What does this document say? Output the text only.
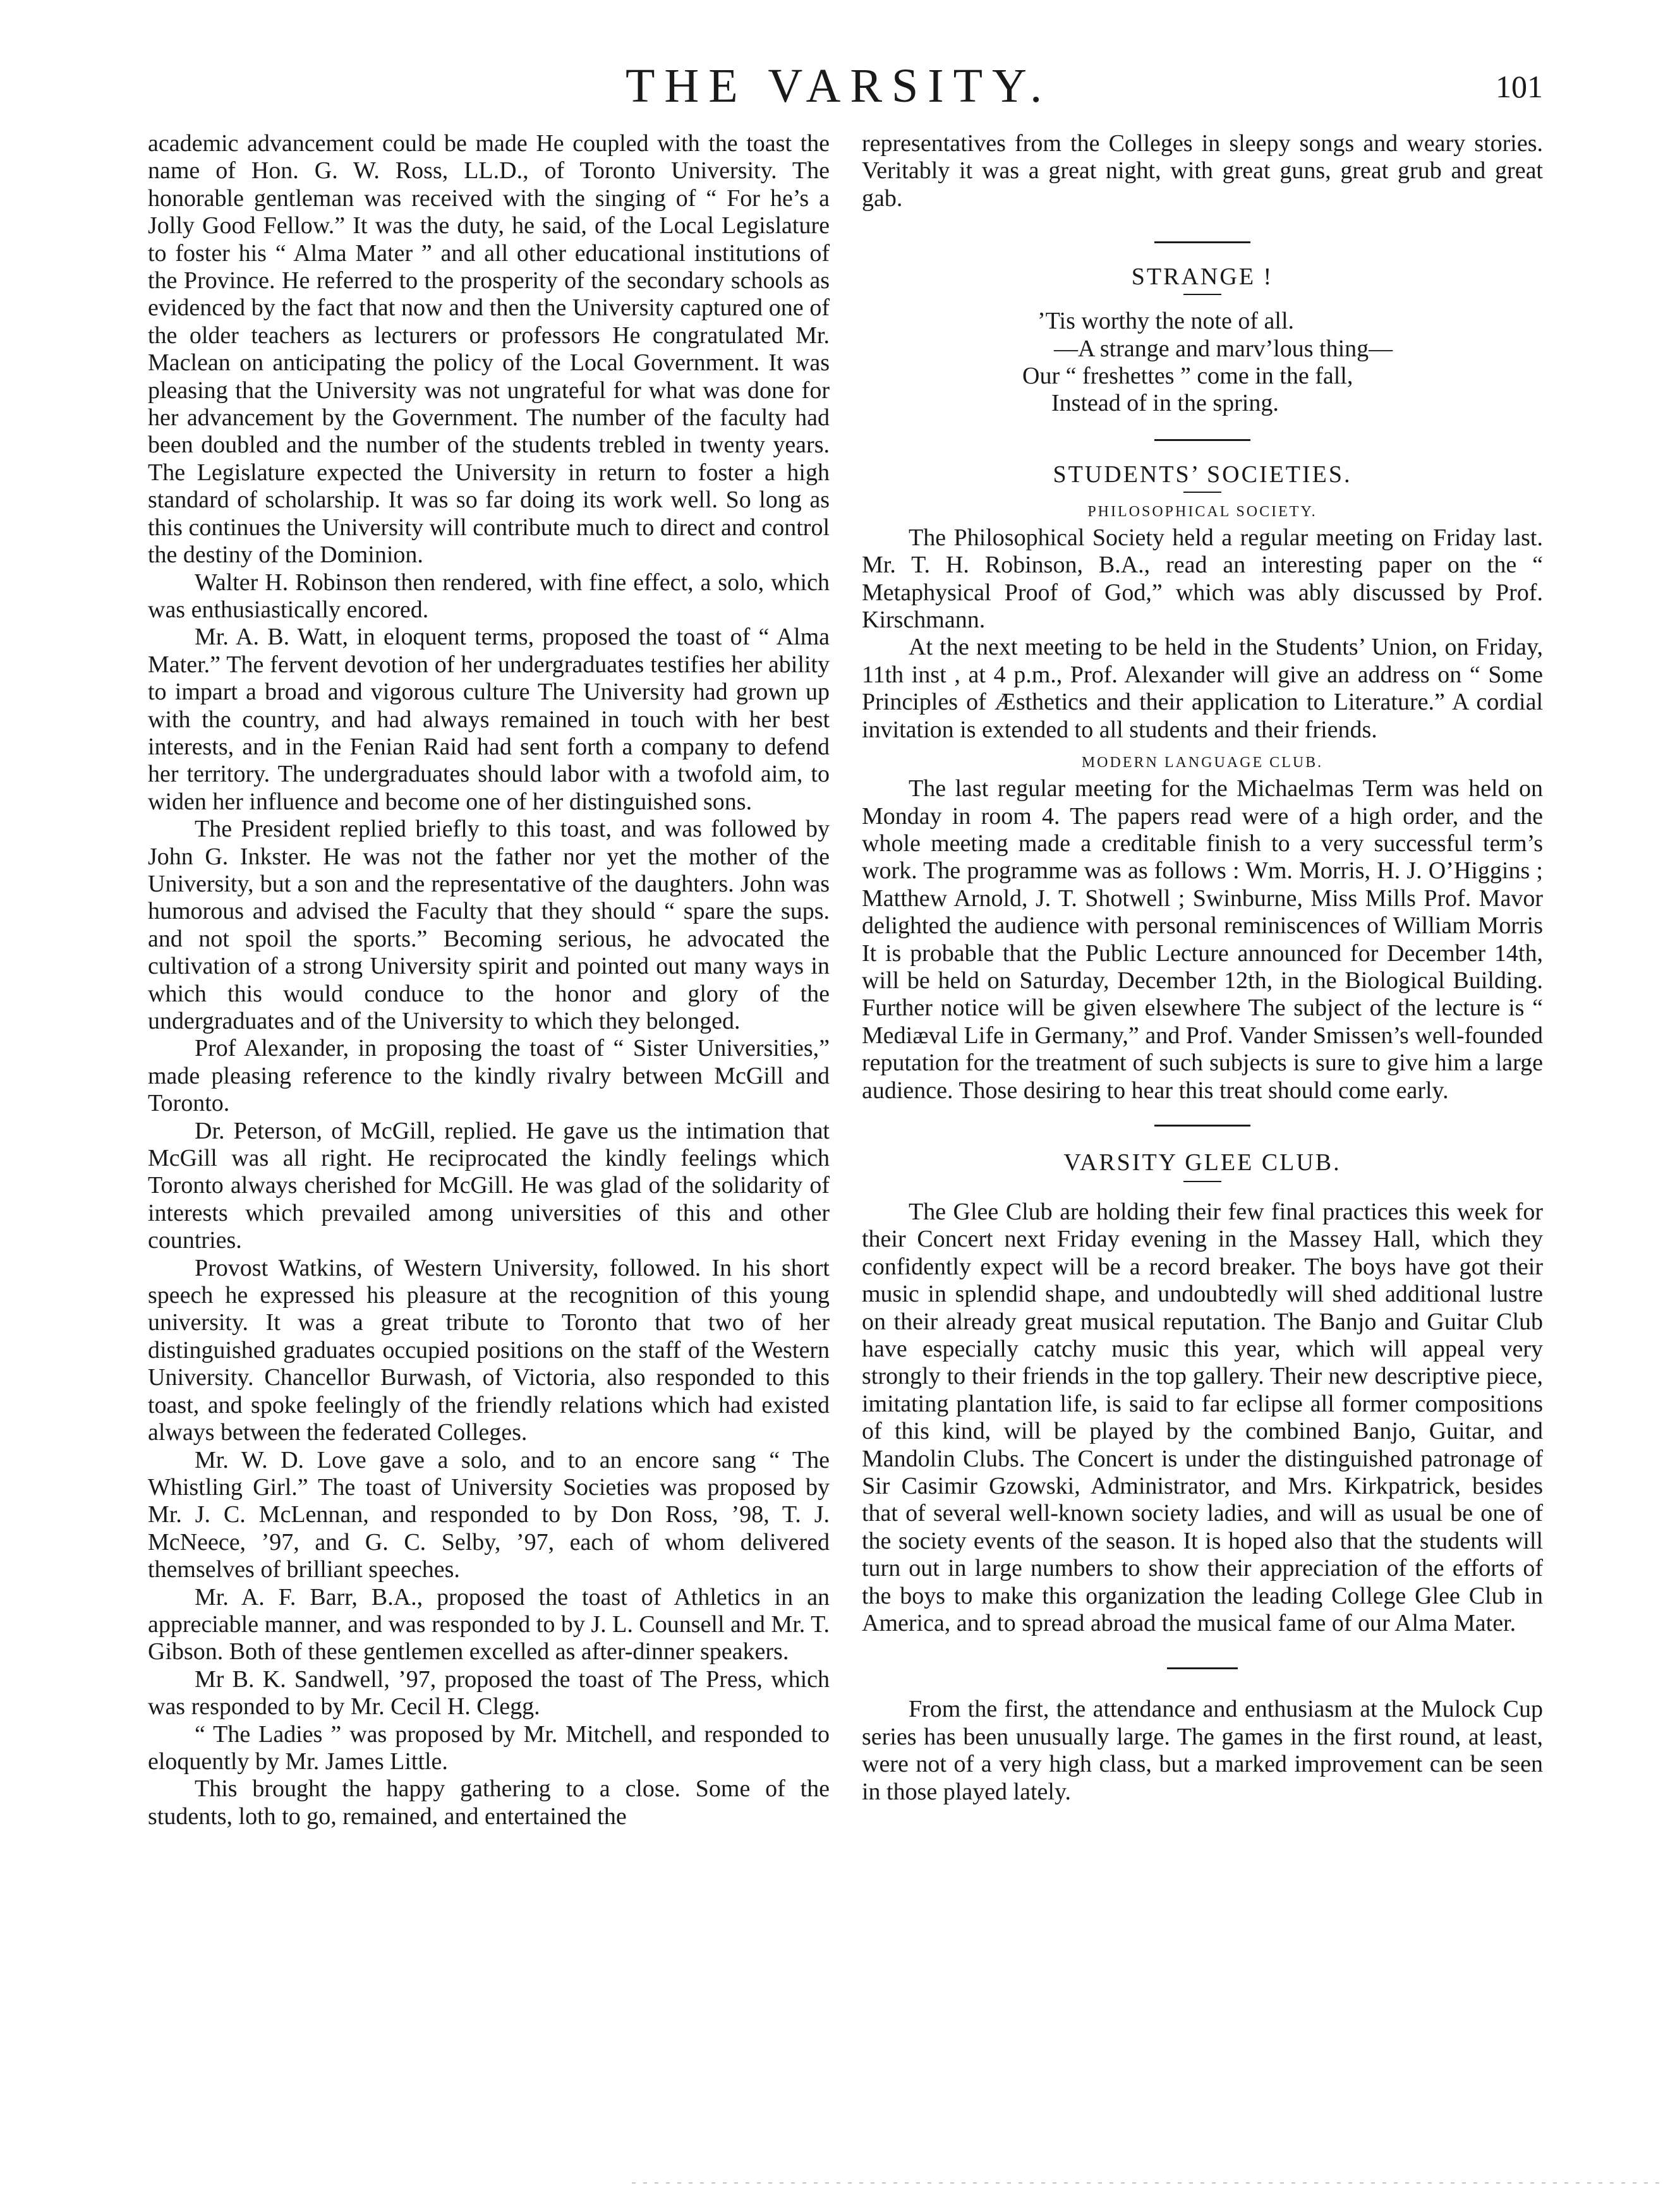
THE VARSITY.	101

academic advancement could be made He coupled with the toast the name of Hon. G. W. Ross, LL.D., of Toronto University. The honorable gentleman was received with the singing of “ For he’s a Jolly Good Fellow.” It was the duty, he said, of the Local Legislature to foster his “ Alma Mater ” and all other educational institutions of the Province. He referred to the prosperity of the secondary schools as evidenced by the fact that now and then the University captured one of the older teachers as lecturers or professors He congratulated Mr. Maclean on anticipating the policy of the Local Government. It was pleasing that the University was not ungrateful for what was done for her advancement by the Government. The number of the faculty had been doubled and the number of the students trebled in twenty years. The Legislature expected the University in return to foster a high standard of scholarship. It was so far doing its work well. So long as this continues the University will contribute much to direct and control the destiny of the Dominion.

Walter H. Robinson then rendered, with fine effect, a solo, which was enthusiastically encored.

Mr. A. B. Watt, in eloquent terms, proposed the toast of “ Alma Mater.” The fervent devotion of her undergraduates testifies her ability to impart a broad and vigorous culture The University had grown up with the country, and had always remained in touch with her best interests, and in the Fenian Raid had sent forth a company to defend her territory. The undergraduates should labor with a twofold aim, to widen her influence and become one of her distinguished sons.

The President replied briefly to this toast, and was followed by John G. Inkster. He was not the father nor yet the mother of the University, but a son and the representative of the daughters. John was humorous and advised the Faculty that they should “ spare the sups. and not spoil the sports.” Becoming serious, he advocated the cultivation of a strong University spirit and pointed out many ways in which this would conduce to the honor and glory of the undergraduates and of the University to which they belonged.

Prof Alexander, in proposing the toast of “ Sister Universities,” made pleasing reference to the kindly rivalry between McGill and Toronto.

Dr. Peterson, of McGill, replied. He gave us the intimation that McGill was all right. He reciprocated the kindly feelings which Toronto always cherished for McGill. He was glad of the solidarity of interests which prevailed among universities of this and other countries.

Provost Watkins, of Western University, followed. In his short speech he expressed his pleasure at the recognition of this young university. It was a great tribute to Toronto that two of her distinguished graduates occupied positions on the staff of the Western University. Chancellor Burwash, of Victoria, also responded to this toast, and spoke feelingly of the friendly relations which had existed always between the federated Colleges.

Mr. W. D. Love gave a solo, and to an encore sang “ The Whistling Girl.” The toast of University Societies was proposed by Mr. J. C. McLennan, and responded to by Don Ross, ’98, T. J. McNeece, ’97, and G. C. Selby, ’97, each of whom delivered themselves of brilliant speeches.

Mr. A. F. Barr, B.A., proposed the toast of Athletics in an appreciable manner, and was responded to by J. L. Counsell and Mr. T. Gibson. Both of these gentlemen excelled as after-dinner speakers.

Mr B. K. Sandwell, ’97, proposed the toast of The Press, which was responded to by Mr. Cecil H. Clegg.

“ The Ladies ” was proposed by Mr. Mitchell, and responded to eloquently by Mr. James Little.

This brought the happy gathering to a close. Some of the students, loth to go, remained, and entertained the

representatives from the Colleges in sleepy songs and weary stories. Veritably it was a great night, with great guns, great grub and great gab.

STRANGE !
’Tis worthy the note of all.
—A strange and marv’lous thing—
Our “ freshettes ” come in the fall,
Instead of in the spring.
STUDENTS’ SOCIETIES.
PHILOSOPHICAL SOCIETY.

The Philosophical Society held a regular meeting on Friday last. Mr. T. H. Robinson, B.A., read an interesting paper on the “ Metaphysical Proof of God,” which was ably discussed by Prof. Kirschmann.

At the next meeting to be held in the Students’ Union, on Friday, 11th inst , at 4 p.m., Prof. Alexander will give an address on “ Some Principles of Æsthetics and their application to Literature.” A cordial invitation is extended to all students and their friends.

MODERN LANGUAGE CLUB.

The last regular meeting for the Michaelmas Term was held on Monday in room 4. The papers read were of a high order, and the whole meeting made a creditable finish to a very successful term’s work. The programme was as follows : Wm. Morris, H. J. O’Higgins ; Matthew Arnold, J. T. Shotwell ; Swinburne, Miss Mills Prof. Mavor delighted the audience with personal reminiscences of William Morris It is probable that the Public Lecture announced for December 14th, will be held on Saturday, December 12th, in the Biological Building. Further notice will be given elsewhere The subject of the lecture is “ Mediæval Life in Germany,” and Prof. Vander Smissen’s well-founded reputation for the treatment of such subjects is sure to give him a large audience. Those desiring to hear this treat should come early.

VARSITY GLEE CLUB.

The Glee Club are holding their few final practices this week for their Concert next Friday evening in the Massey Hall, which they confidently expect will be a record breaker. The boys have got their music in splendid shape, and undoubtedly will shed additional lustre on their already great musical reputation. The Banjo and Guitar Club have especially catchy music this year, which will appeal very strongly to their friends in the top gallery. Their new descriptive piece, imitating plantation life, is said to far eclipse all former compositions of this kind, will be played by the combined Banjo, Guitar, and Mandolin Clubs. The Concert is under the distinguished patronage of Sir Casimir Gzowski, Administrator, and Mrs. Kirkpatrick, besides that of several well-known society ladies, and will as usual be one of the society events of the season. It is hoped also that the students will turn out in large numbers to show their appreciation of the efforts of the boys to make this organization the leading College Glee Club in America, and to spread abroad the musical fame of our Alma Mater.

From the first, the attendance and enthusiasm at the Mulock Cup series has been unusually large. The games in the first round, at least, were not of a very high class, but a marked improvement can be seen in those played lately.
